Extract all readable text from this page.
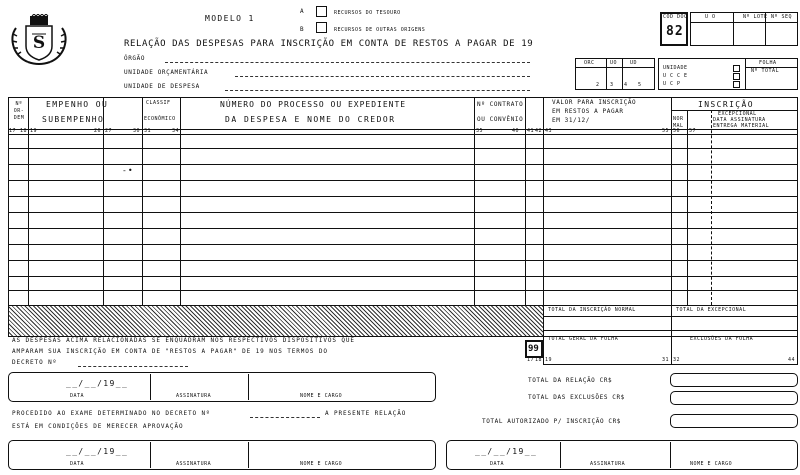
S
MODELO 1
A	RECURSOS DO TESOURO
B	RECURSOS DE OUTRAS ORIGENS
RELAÇÃO DAS DESPESAS PARA INSCRIÇÃO EM CONTA DE RESTOS A PAGAR DE 19
ÓRGÃO
UNIDADE ORÇAMENTÁRIA
UNIDADE DE DESPESA
COD DOC
82
U O	Nº LOTE Nº SEQ
ORC	UO	UD
2 3 4 5
UNIDADE
U C C E
U C P
FOLHA
Nº TOTAL
Nº OR-DEM
EMPENHO OU
SUBEMPENHO
CLASSIF
ECONÔMICO
NÚMERO DO PROCESSO OU EXPEDIENTE
DA DESPESA E NOME DO CREDOR
Nº CONTRATO
OU CONVÊNIO
VALOR PARA INSCRIÇÃO
EM RESTOS A PAGAR
EM 31/12/
INSCRIÇÃO
EXCEPCIONAL
NOR
MAL
DATA ASSINATURA
ENTREGA MATERIAL
17 18 19	26 27	30 31	34	35	40 41 42 43	55 56 57
-•
TOTAL DA INSCRIÇÃO NORMAL	TOTAL DA EXCEPCIONAL
TOTAL GERAL DA FOLHA	EXCLUSÕES DA FOLHA
99
17 18 19	31 32	44
AS DESPESAS ACIMA RELACIONADAS SE ENQUADRAM NOS RESPECTIVOS DISPOSITIVOS QUE
AMPARAM SUA INSCRIÇÃO EM CONTA DE "RESTOS A PAGAR" DE 19 NOS TERMOS DO
DECRETO Nº
__/__/19__
DATA	ASSINATURA	NOME E CARGO
TOTAL DA RELAÇÃO CR$
TOTAL DAS EXCLUSÕES CR$
TOTAL AUTORIZADO P/ INSCRIÇÃO CR$
PROCEDIDO AO EXAME DETERMINADO NO DECRETO Nº	A PRESENTE RELAÇÃO
ESTÁ EM CONDIÇÕES DE MERECER APROVAÇÃO
__/__/19__
DATA	ASSINATURA	NOME E CARGO
__/__/19__
DATA	ASSINATURA	NOME E CARGO
